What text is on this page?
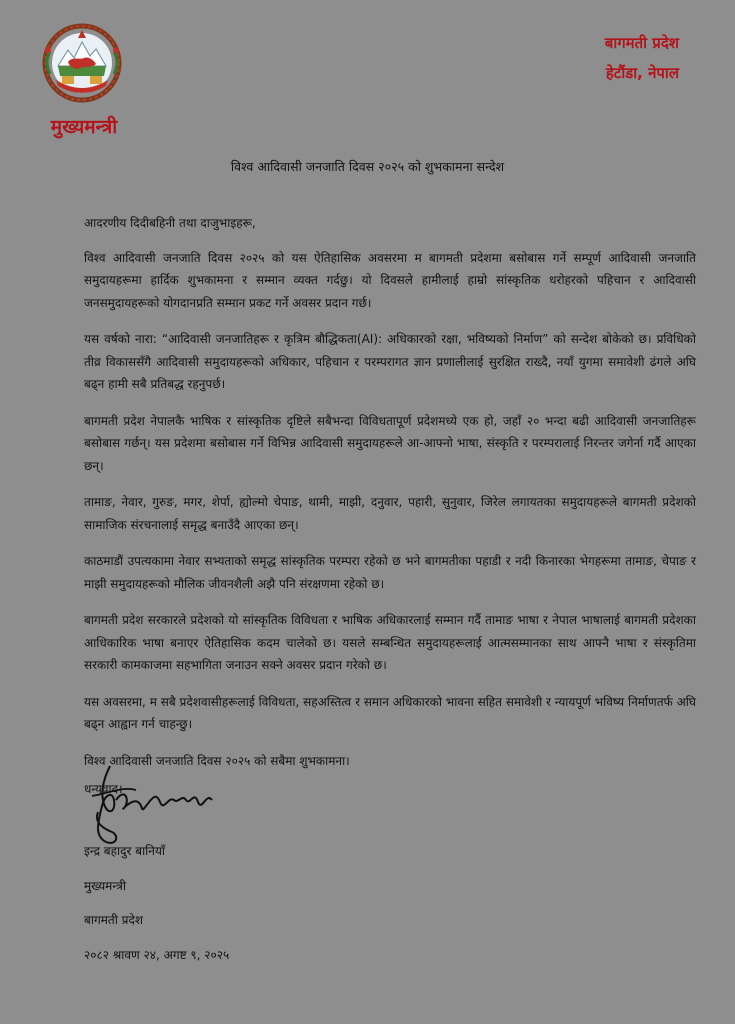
मुख्यमन्त्री
बागमती प्रदेश
हेटौंडा, नेपाल
विश्व आदिवासी जनजाति दिवस २०२५ को शुभकामना सन्देश

आदरणीय दिदीबहिनी तथा दाजुभाइहरू,

विश्व आदिवासी जनजाति दिवस २०२५ को यस ऐतिहासिक अवसरमा म बागमती प्रदेशमा बसोबास गर्ने सम्पूर्ण आदिवासी जनजाति समुदायहरूमा हार्दिक शुभकामना र सम्मान व्यक्त गर्दछु। यो दिवसले हामीलाई हाम्रो सांस्कृतिक धरोहरको पहिचान र आदिवासी जनसमुदायहरूको योगदानप्रति सम्मान प्रकट गर्ने अवसर प्रदान गर्छ।

यस वर्षको नारा: “आदिवासी जनजातिहरू र कृत्रिम बौद्धिकता(AI): अधिकारको रक्षा, भविष्यको निर्माण” को सन्देश बोकेको छ। प्रविधिको तीव्र विकाससँगै आदिवासी समुदायहरूको अधिकार, पहिचान र परम्परागत ज्ञान प्रणालीलाई सुरक्षित राख्दै, नयाँ युगमा समावेशी ढंगले अघि बढ्न हामी सबै प्रतिबद्ध रहनुपर्छ।

बागमती प्रदेश नेपालकै भाषिक र सांस्कृतिक दृष्टिले सबैभन्दा विविधतापूर्ण प्रदेशमध्ये एक हो, जहाँ २० भन्दा बढी आदिवासी जनजातिहरू बसोबास गर्छन्। यस प्रदेशमा बसोबास गर्ने विभिन्न आदिवासी समुदायहरूले आ-आफ्नो भाषा, संस्कृति र परम्परालाई निरन्तर जगेर्ना गर्दै आएका छन्।

तामाङ, नेवार, गुरुङ, मगर, शेर्पा, ह्योल्मो चेपाङ, थामी, माझी, दनुवार, पहारी, सुनुवार, जिरेल लगायतका समुदायहरूले बागमती प्रदेशको सामाजिक संरचनालाई समृद्ध बनाउँदै आएका छन्।

काठमाडौं उपत्यकामा नेवार सभ्यताको समृद्ध सांस्कृतिक परम्परा रहेको छ भने बागमतीका पहाडी र नदी किनारका भेगहरूमा तामाङ, चेपाङ र माझी समुदायहरूको मौलिक जीवनशैली अझै पनि संरक्षणमा रहेको छ।

बागमती प्रदेश सरकारले प्रदेशको यो सांस्कृतिक विविधता र भाषिक अधिकारलाई सम्मान गर्दै तामाङ भाषा र नेपाल भाषालाई बागमती प्रदेशका आधिकारिक भाषा बनाएर ऐतिहासिक कदम चालेको छ। यसले सम्बन्धित समुदायहरूलाई आत्मसम्मानका साथ आफ्नै भाषा र संस्कृतिमा सरकारी कामकाजमा सहभागिता जनाउन सक्ने अवसर प्रदान गरेको छ।

यस अवसरमा, म सबै प्रदेशवासीहरूलाई विविधता, सहअस्तित्व र समान अधिकारको भावना सहित समावेशी र न्यायपूर्ण भविष्य निर्माणतर्फ अघि बढ्न आह्वान गर्न चाहन्छु।

विश्व आदिवासी जनजाति दिवस २०२५ को सबैमा शुभकामना।

धन्यवाद।

इन्द्र बहादुर बानियाँ
मुख्यमन्त्री
बागमती प्रदेश
२०८२ श्रावण २४, अगष्ट ९, २०२५
